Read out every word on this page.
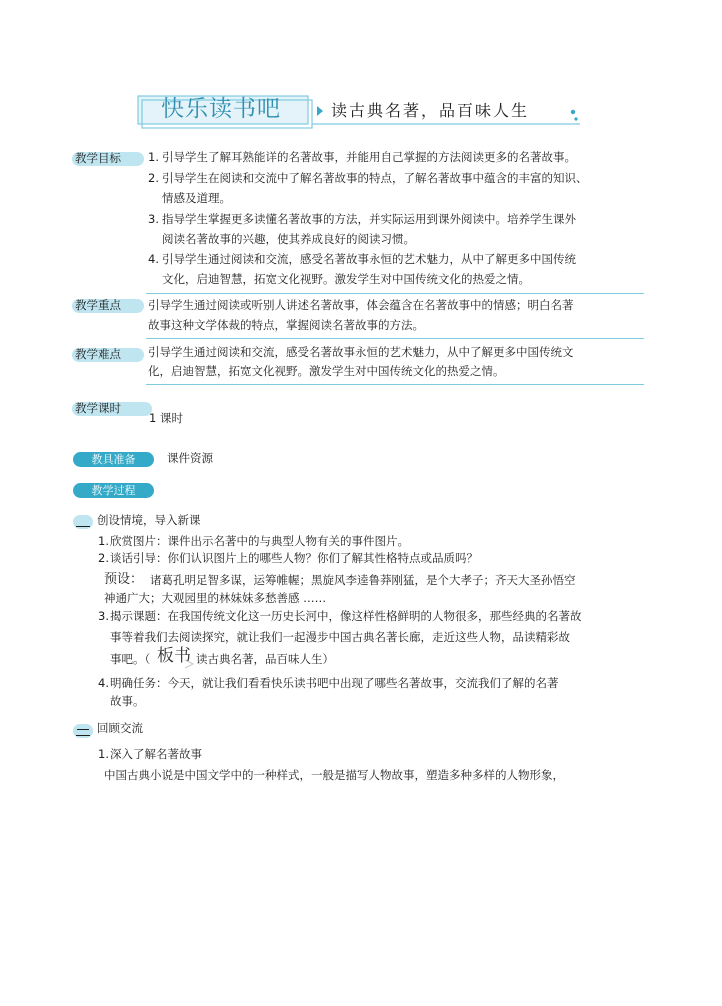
快乐读书吧	读古典名著，品百味人生
教学目标 1. 引导学生了解耳熟能详的名著故事，并能用自己掌握的方法阅读更多的名著故事。
2. 引导学生在阅读和交流中了解名著故事的特点，了解名著故事中蕴含的丰富的知识、
情感及道理。
3. 指导学生掌握更多读懂名著故事的方法，并实际运用到课外阅读中。培养学生课外
阅读名著故事的兴趣，使其养成良好的阅读习惯。
4. 引导学生通过阅读和交流，感受名著故事永恒的艺术魅力，从中了解更多中国传统
文化，启迪智慧，拓宽文化视野。激发学生对中国传统文化的热爱之情。
教学重点 引导学生通过阅读或听别人讲述名著故事，体会蕴含在名著故事中的情感；明白名著
故事这种文学体裁的特点，掌握阅读名著故事的方法。
教学难点 引导学生通过阅读和交流，感受名著故事永恒的艺术魅力，从中了解更多中国传统文
化，启迪智慧，拓宽文化视野。激发学生对中国传统文化的热爱之情。
教学课时
1 课时
教具准备	课件资源
教学过程
创设情境，导入新课
1. 欣赏图片：课件出示名著中的与典型人物有关的事件图片。
2. 谈话引导：你们认识图片上的哪些人物？你们了解其性格特点或品质吗？
预设： 诸葛孔明足智多谋，运筹帷幄；黑旋风李逵鲁莽刚猛，是个大孝子；齐天大圣孙悟空
神通广大；大观园里的林妹妹多愁善感 ……
3. 揭示课题：在我国传统文化这一历史长河中，像这样性格鲜明的人物很多，那些经典的名著故
事等着我们去阅读探究，就让我们一起漫步中国古典名著长廊，走近这些人物，品读精彩故
事吧。（ 板书 读古典名著，品百味人生）
4. 明确任务：今天，就让我们看看快乐读书吧中出现了哪些名著故事，交流我们了解的名著
故事。
回顾交流
1. 深入了解名著故事
中国古典小说是中国文学中的一种样式，一般是描写人物故事，塑造多种多样的人物形象，
